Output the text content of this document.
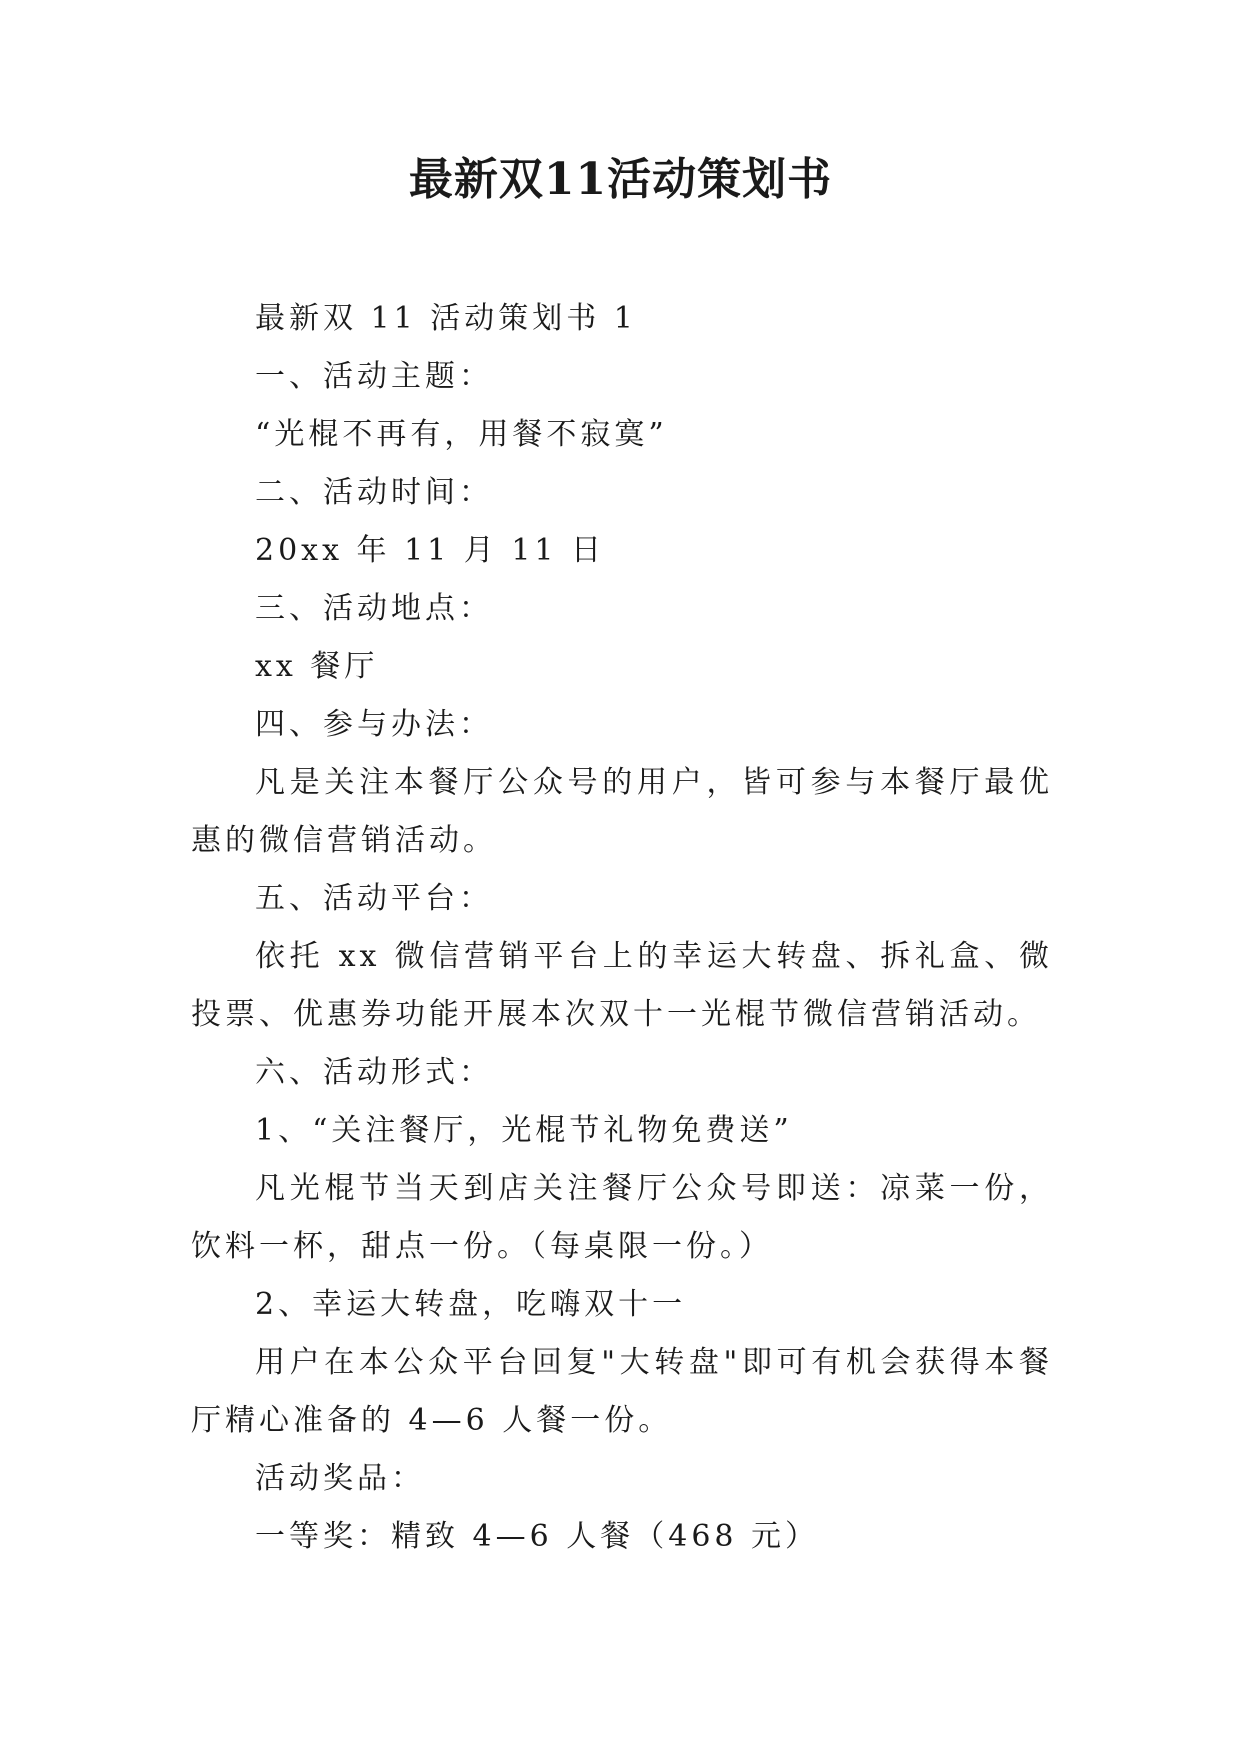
最新双11活动策划书

最新双 11 活动策划书 1

一、活动主题：

“光棍不再有，用餐不寂寞”

二、活动时间：

20xx 年 11 月 11 日

三、活动地点：

xx 餐厅

四、参与办法：

凡是关注本餐厅公众号的用户，皆可参与本餐厅最优惠的微信营销活动。

五、活动平台：

依托 xx 微信营销平台上的幸运大转盘、拆礼盒、微投票、优惠券功能开展本次双十一光棍节微信营销活动。

六、活动形式：

1、“关注餐厅，光棍节礼物免费送”

凡光棍节当天到店关注餐厅公众号即送：凉菜一份，饮料一杯，甜点一份。（每桌限一份。）

2、幸运大转盘，吃嗨双十一

用户在本公众平台回复"大转盘"即可有机会获得本餐厅精心准备的 4—6 人餐一份。

活动奖品：

一等奖：精致 4—6 人餐（468 元）
